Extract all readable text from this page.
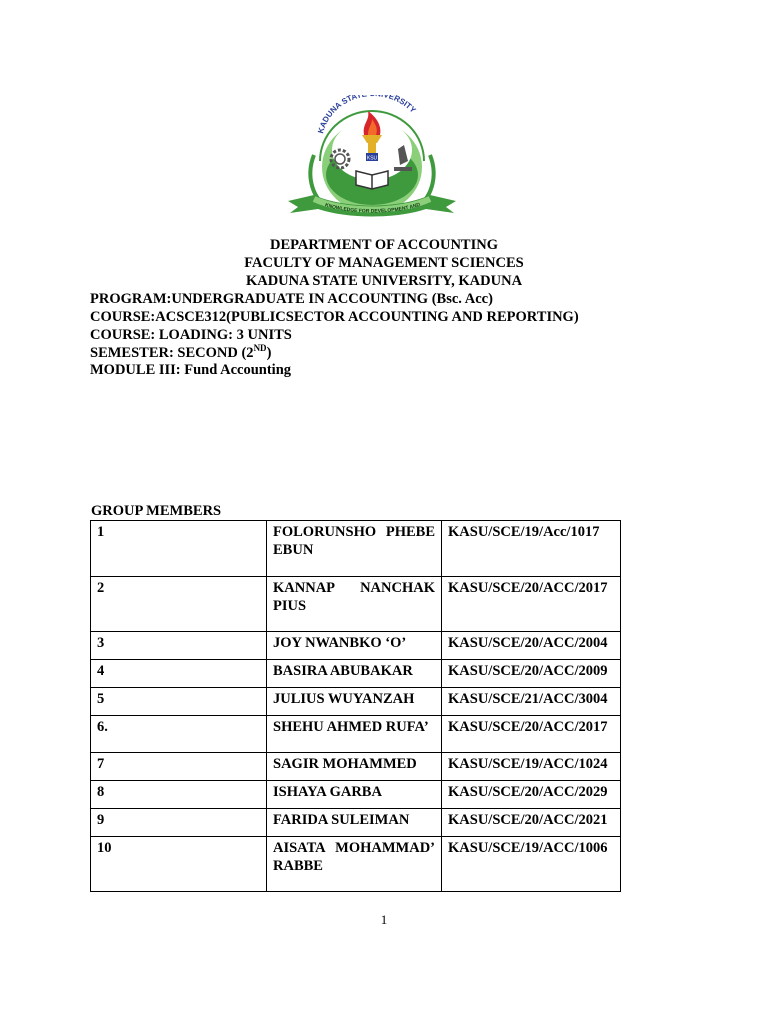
KADUNA STAT VERSITY
KSU
KNOWLEDGE FOR DEVELOPMENT AND
DEPARTMENT OF ACCOUNTING
FACULTY OF MANAGEMENT SCIENCES
KADUNA STATE UNIVERSITY, KADUNA
PROGRAM:UNDERGRADUATE IN ACCOUNTING (Bsc. Acc)
COURSE:ACSCE312(PUBLICSECTOR ACCOUNTING AND REPORTING)
COURSE: LOADING: 3 UNITS
SEMESTER: SECOND (2ND)
MODULE III: Fund Accounting
GROUP MEMBERS
1	FOLORUNSHO PHEBE EBUN	KASU/SCE/19/Acc/1017
2	KANNAP NANCHAK PIUS	KASU/SCE/20/ACC/2017
3	JOY NWANBKO ‘O’	KASU/SCE/20/ACC/2004
4	BASIRA ABUBAKAR	KASU/SCE/20/ACC/2009
5	JULIUS WUYANZAH	KASU/SCE/21/ACC/3004
6.	SHEHU AHMED RUFA’	KASU/SCE/20/ACC/2017
7	SAGIR MOHAMMED	KASU/SCE/19/ACC/1024
8	ISHAYA GARBA	KASU/SCE/20/ACC/2029
9	FARIDA SULEIMAN	KASU/SCE/20/ACC/2021
10	AISATA MOHAMMAD’ RABBE	KASU/SCE/19/ACC/1006
1
